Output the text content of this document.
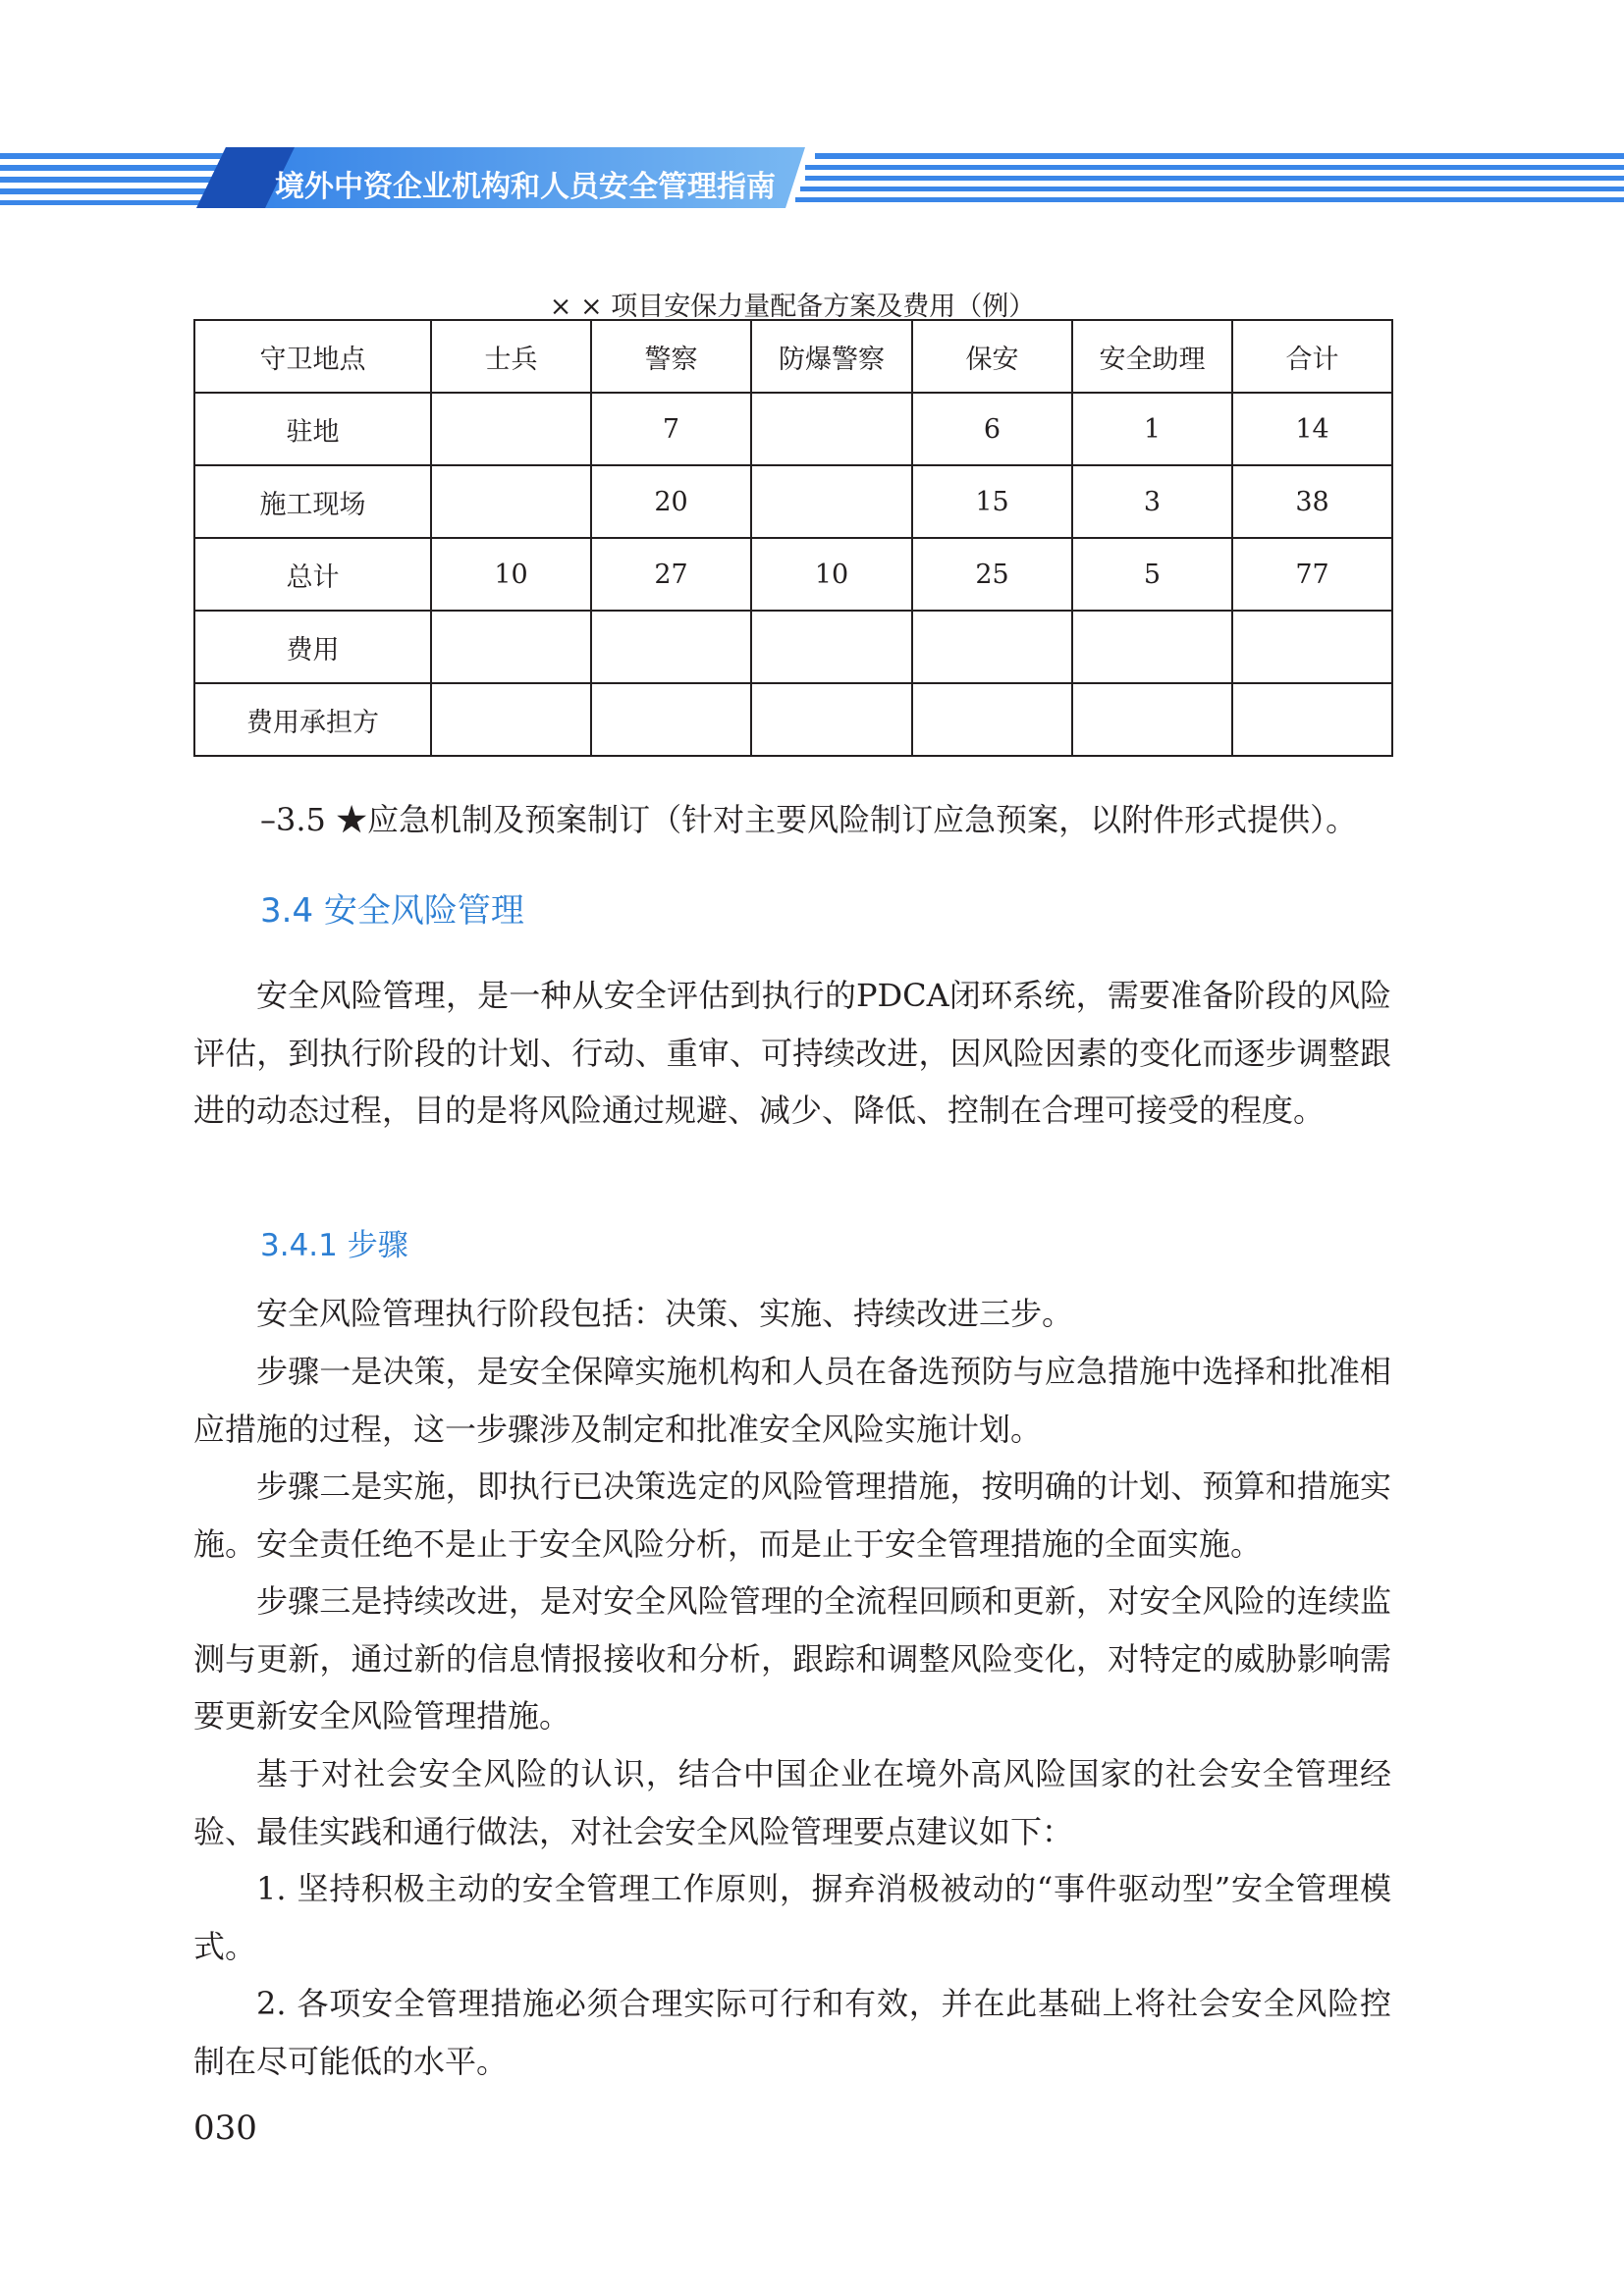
境外中资企业机构和人员安全管理指南
× × 项目安保力量配备方案及费用（例）
守卫地点	士兵	警察	防爆警察	保安	安全助理	合计
驻地		7		6	1	14
施工现场		20		15	3	38
总计	10	27	10	25	5	77
费用						
费用承担方						
–3.5 ★应急机制及预案制订（针对主要风险制订应急预案，以附件形式提供）。
3.4 安全风险管理

安全风险管理，是一种从安全评估到执行的PDCA闭环系统，需要准备阶段的风险评估，到执行阶段的计划、行动、重审、可持续改进，因风险因素的变化而逐步调整跟进的动态过程，目的是将风险通过规避、减少、降低、控制在合理可接受的程度。

3.4.1 步骤

安全风险管理执行阶段包括：决策、实施、持续改进三步。

步骤一是决策，是安全保障实施机构和人员在备选预防与应急措施中选择和批准相应措施的过程，这一步骤涉及制定和批准安全风险实施计划。

步骤二是实施，即执行已决策选定的风险管理措施，按明确的计划、预算和措施实施。安全责任绝不是止于安全风险分析，而是止于安全管理措施的全面实施。

步骤三是持续改进，是对安全风险管理的全流程回顾和更新，对安全风险的连续监测与更新，通过新的信息情报接收和分析，跟踪和调整风险变化，对特定的威胁影响需要更新安全风险管理措施。

基于对社会安全风险的认识，结合中国企业在境外高风险国家的社会安全管理经验、最佳实践和通行做法，对社会安全风险管理要点建议如下：

1. 坚持积极主动的安全管理工作原则，摒弃消极被动的“事件驱动型”安全管理模式。

2. 各项安全管理措施必须合理实际可行和有效，并在此基础上将社会安全风险控制在尽可能低的水平。

030
